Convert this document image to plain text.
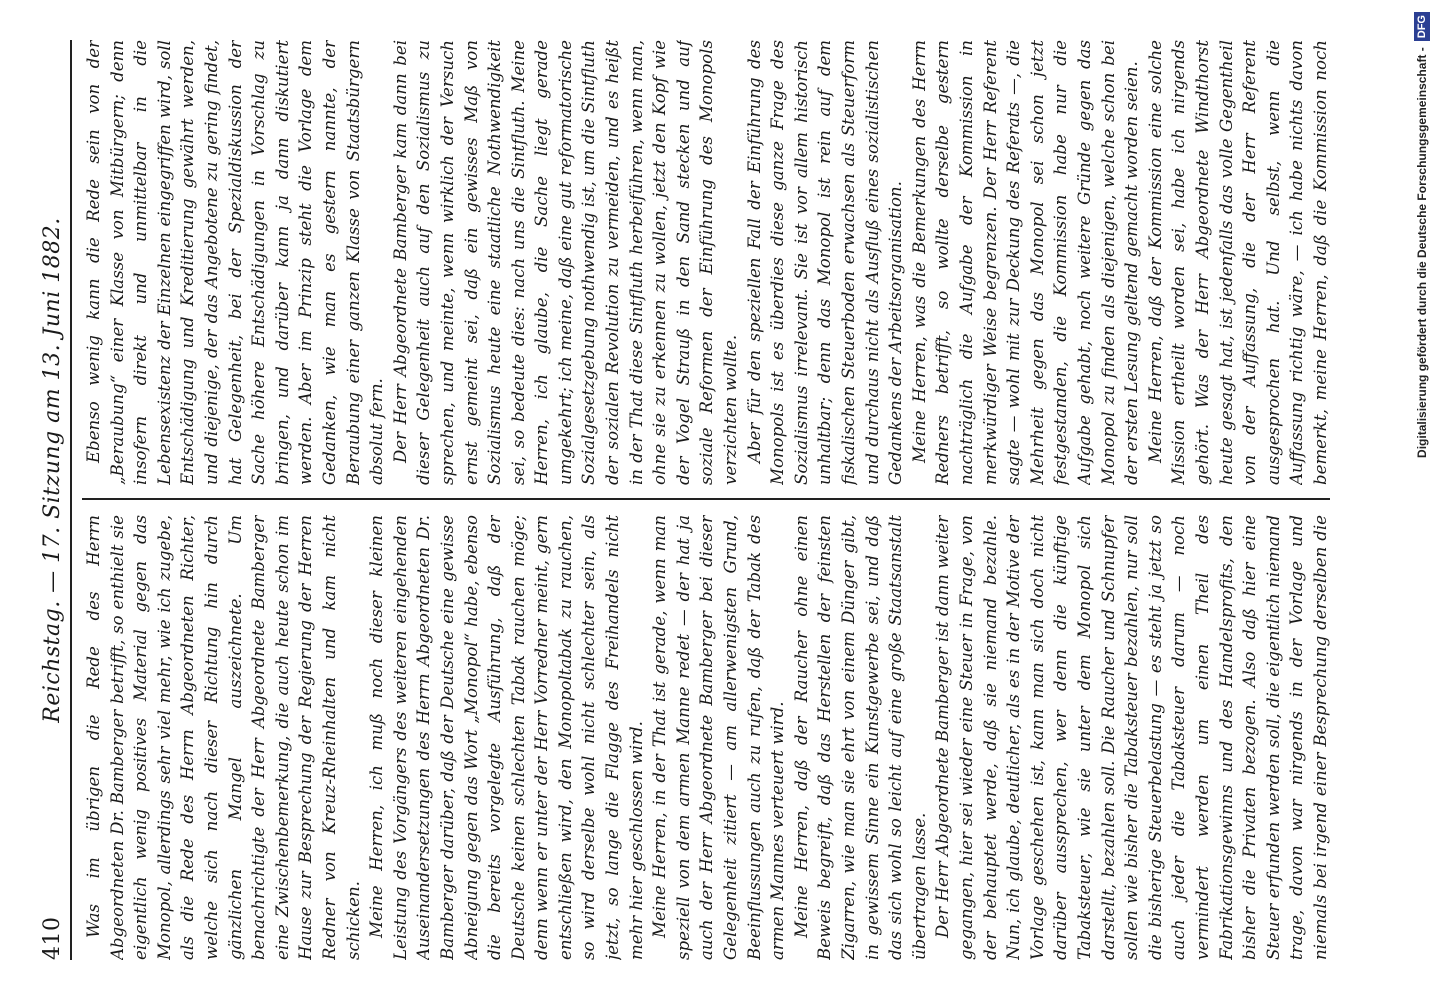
410
Reichstag. — 17. Sitzung am 13. Juni 1882.

Was im übrigen die Rede des Herrn Abgeordneten Dr. Bamberger betrifft, so enthielt sie eigentlich wenig positives Material gegen das Monopol, allerdings sehr viel mehr, wie ich zugebe, als die Rede des Herrn Abgeordneten Richter, welche sich nach dieser Richtung hin durch gänzlichen Mangel auszeichnete. Um benachrichtigte der Herr Abgeordnete Bamberger eine Zwischenbemerkung, die auch heute schon im Hause zur Besprechung der Regierung der Herren Redner von Kreuz-Rheinhalten und kam nicht schicken. Meine Herren, ich muß noch dieser kleinen Leistung des Vorgängers des weiteren eingehenden Auseinandersetzungen des Herrn Abgeordneten Dr. Bamberger darüber, daß der Deutsche eine gewisse Abneigung gegen das Wort „Monopol“ habe, ebenso die bereits vorgelegte Ausführung, daß der Deutsche keinen schlechten Tabak rauchen möge; denn wenn er unter der Herr Vorredner meint, gern entschließen wird, den Monopoltabak zu rauchen, so wird derselbe wohl nicht schlechter sein, als jetzt, so lange die Flagge des Freihandels nicht mehr hier geschlossen wird. Meine Herren, in der That ist gerade, wenn man speziell von dem armen Manne redet — der hat ja auch der Herr Abgeordnete Bamberger bei dieser Gelegenheit zitiert — am allerwenigsten Grund, Beeinflussungen auch zu rufen, daß der Tabak des armen Mannes verteuert wird. Meine Herren, daß der Raucher ohne einen Beweis begreift, daß das Herstellen der feinsten Zigarren, wie man sie ehrt von einem Dünger gibt, in gewissem Sinne ein Kunstgewerbe sei, und daß das sich wohl so leicht auf eine große Staatsanstalt übertragen lasse. Der Herr Abgeordnete Bamberger ist dann weiter gegangen, hier sei wieder eine Steuer in Frage, von der behauptet werde, daß sie niemand bezahle. Nun, ich glaube, deutlicher, als es in der Motive der Vorlage geschehen ist, kann man sich doch nicht darüber aussprechen, wer denn die künftige Tabaksteuer, wie sie unter dem Monopol sich darstellt, bezahlen soll. Die Raucher und Schnupfer sollen wie bisher die Tabaksteuer bezahlen, nur soll die bisherige Steuerbelastung — es steht ja jetzt so auch jeder die Tabaksteuer darum — noch vermindert werden um einen Theil des Fabrikationsgewinns und des Handelsprofits, den bisher die Privaten bezogen. Also daß hier eine Steuer erfunden werden soll, die eigentlich niemand trage, davon war nirgends in der Vorlage und niemals bei irgend einer Besprechung derselben die

Ebenso wenig kann die Rede sein von der „Beraubung“ einer Klasse von Mitbürgern; denn insofern direkt und unmittelbar in die Lebensexistenz der Einzelnen eingegriffen wird, soll Entschädigung und Kreditierung gewährt werden, und diejenige, der das Angebotene zu gering findet, hat Gelegenheit, bei der Spezialdiskussion der Sache höhere Entschädigungen in Vorschlag zu bringen, und darüber kann ja dann diskutiert werden. Aber im Prinzip steht die Vorlage dem Gedanken, wie man es gestern nannte, der Beraubung einer ganzen Klasse von Staatsbürgern absolut fern. Der Herr Abgeordnete Bamberger kam dann bei dieser Gelegenheit auch auf den Sozialismus zu sprechen, und meinte, wenn wirklich der Versuch ernst gemeint sei, daß ein gewisses Maß von Sozialismus heute eine staatliche Nothwendigkeit sei, so bedeute dies: nach uns die Sintfluth. Meine Herren, ich glaube, die Sache liegt gerade umgekehrt; ich meine, daß eine gut reformatorische Sozialgesetzgebung nothwendig ist, um die Sintfluth der sozialen Revolution zu vermeiden, und es heißt in der That diese Sintfluth herbeiführen, wenn man, ohne sie zu erkennen zu wollen, jetzt den Kopf wie der Vogel Strauß in den Sand stecken und auf soziale Reformen der Einführung des Monopols verzichten wollte. Aber für den speziellen Fall der Einführung des Monopols ist es überdies diese ganze Frage des Sozialismus irrelevant. Sie ist vor allem historisch unhaltbar; denn das Monopol ist rein auf dem fiskalischen Steuerboden erwachsen als Steuerform und durchaus nicht als Ausfluß eines sozialistischen Gedankens der Arbeitsorganisation. Meine Herren, was die Bemerkungen des Herrn Redners betrifft, so wollte derselbe gestern nachträglich die Aufgabe der Kommission in merkwürdiger Weise begrenzen. Der Herr Referent sagte — wohl mit zur Deckung des Referats —, die Mehrheit gegen das Monopol sei schon jetzt festgestanden, die Kommission habe nur die Aufgabe gehabt, noch weitere Gründe gegen das Monopol zu finden als diejenigen, welche schon bei der ersten Lesung geltend gemacht worden seien. Meine Herren, daß der Kommission eine solche Mission ertheilt worden sei, habe ich nirgends gehört. Was der Herr Abgeordnete Windthorst heute gesagt hat, ist jedenfalls das volle Gegentheil von der Auffassung, die der Herr Referent ausgesprochen hat. Und selbst, wenn die Auffassung richtig wäre, — ich habe nichts davon bemerkt, meine Herren, daß die Kommission noch	Digitalisierung gefördert durch die Deutsche Forschungsgemeinschaft -
DFG
